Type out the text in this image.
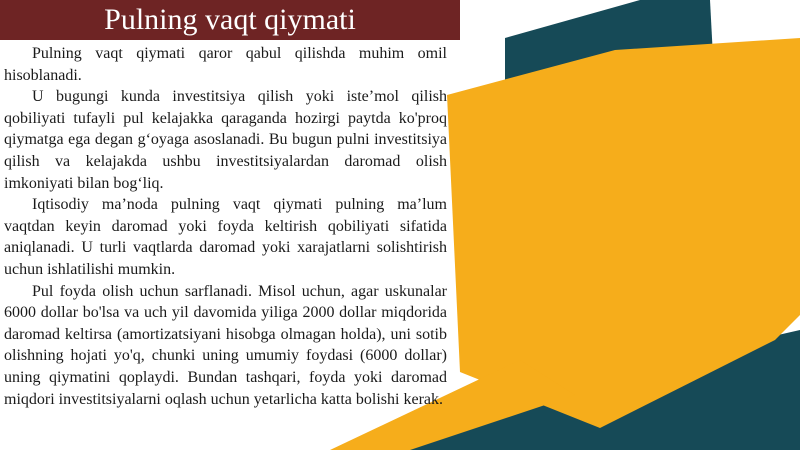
Pulning vaqt qiymati

Pulning vaqt qiymati qaror qabul qilishda muhim omil hisoblanadi.

U bugungi kunda investitsiya qilish yoki iste’mol qilish qobiliyati tufayli pul kelajakka qaraganda hozirgi paytda ko'proq qiymatga ega degan g‘oyaga asoslanadi. Bu bugun pulni investitsiya qilish va kelajakda ushbu investitsiyalardan daromad olish imkoniyati bilan bog‘liq.

Iqtisodiy ma’noda pulning vaqt qiymati pulning ma’lum vaqtdan keyin daromad yoki foyda keltirish qobiliyati sifatida aniqlanadi. U turli vaqtlarda daromad yoki xarajatlarni solishtirish uchun ishlatilishi mumkin.

Pul foyda olish uchun sarflanadi. Misol uchun, agar uskunalar 6000 dollar bo'lsa va uch yil davomida yiliga 2000 dollar miqdorida daromad keltirsa (amortizatsiyani hisobga olmagan holda), uni sotib olishning hojati yo'q, chunki uning umumiy foydasi (6000 dollar) uning qiymatini qoplaydi. Bundan tashqari, foyda yoki daromad miqdori investitsiyalarni oqlash uchun yetarlicha katta bolishi kerak.
